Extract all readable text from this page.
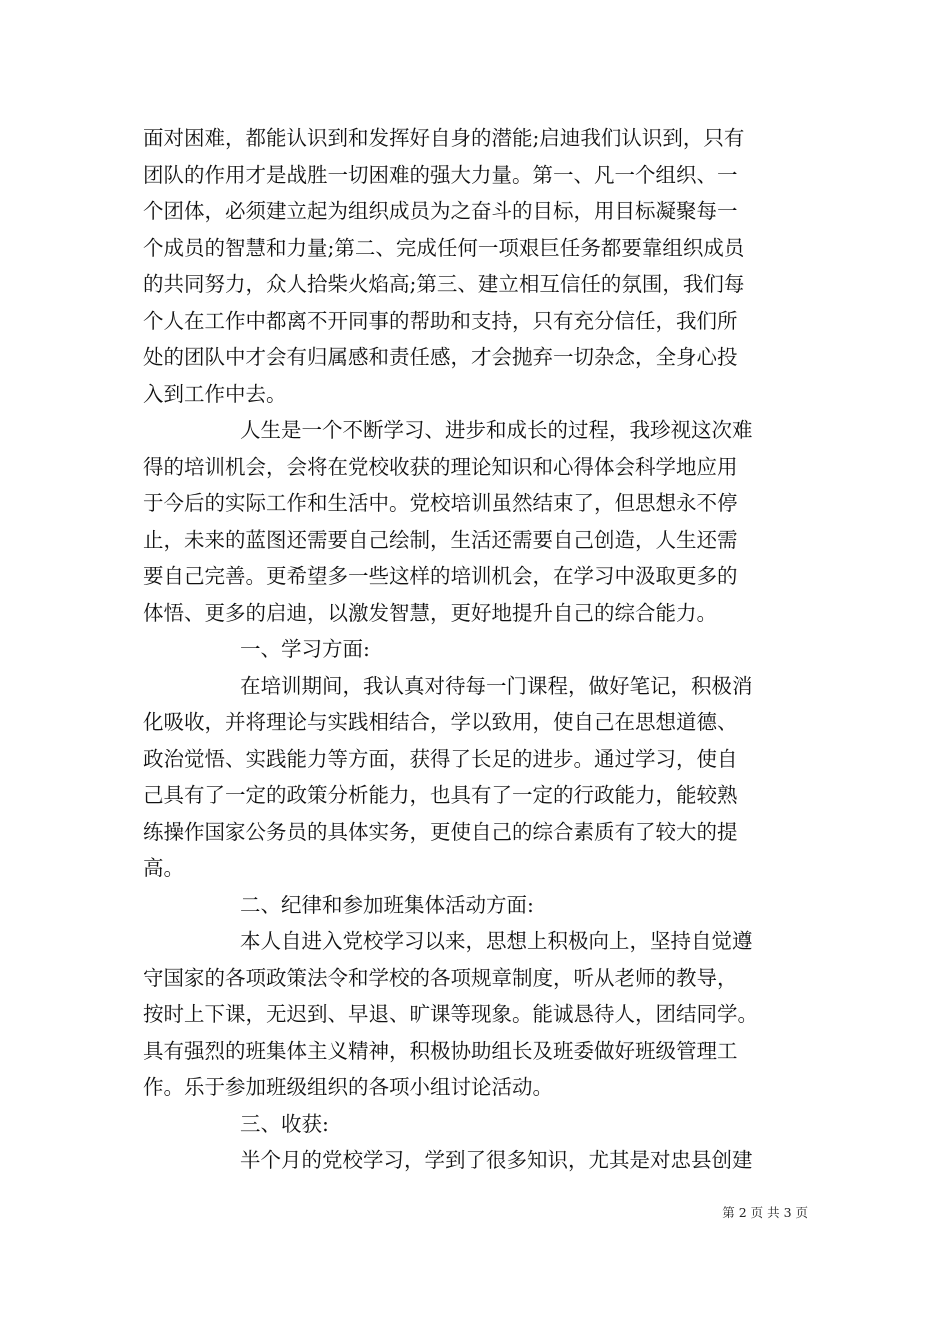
面对困难，都能认识到和发挥好自身的潜能;启迪我们认识到，只有
团队的作用才是战胜一切困难的强大力量。第一、凡一个组织、一
个团体，必须建立起为组织成员为之奋斗的目标，用目标凝聚每一
个成员的智慧和力量;第二、完成任何一项艰巨任务都要靠组织成员
的共同努力，众人拾柴火焰高;第三、建立相互信任的氛围，我们每
个人在工作中都离不开同事的帮助和支持，只有充分信任，我们所
处的团队中才会有归属感和责任感，才会抛弃一切杂念，全身心投
入到工作中去。
人生是一个不断学习、进步和成长的过程，我珍视这次难
得的培训机会，会将在党校收获的理论知识和心得体会科学地应用
于今后的实际工作和生活中。党校培训虽然结束了，但思想永不停
止，未来的蓝图还需要自己绘制，生活还需要自己创造，人生还需
要自己完善。更希望多一些这样的培训机会，在学习中汲取更多的
体悟、更多的启迪，以激发智慧，更好地提升自己的综合能力。
一、学习方面:
在培训期间，我认真对待每一门课程，做好笔记，积极消
化吸收，并将理论与实践相结合，学以致用，使自己在思想道德、
政治觉悟、实践能力等方面，获得了长足的进步。通过学习，使自
己具有了一定的政策分析能力，也具有了一定的行政能力，能较熟
练操作国家公务员的具体实务，更使自己的综合素质有了较大的提
高。
二、纪律和参加班集体活动方面:
本人自进入党校学习以来，思想上积极向上，坚持自觉遵
守国家的各项政策法令和学校的各项规章制度，听从老师的教导，
按时上下课，无迟到、早退、旷课等现象。能诚恳待人，团结同学。
具有强烈的班集体主义精神，积极协助组长及班委做好班级管理工
作。乐于参加班级组织的各项小组讨论活动。
三、收获:
半个月的党校学习，学到了很多知识，尤其是对忠县创建
第 2 页 共 3 页
